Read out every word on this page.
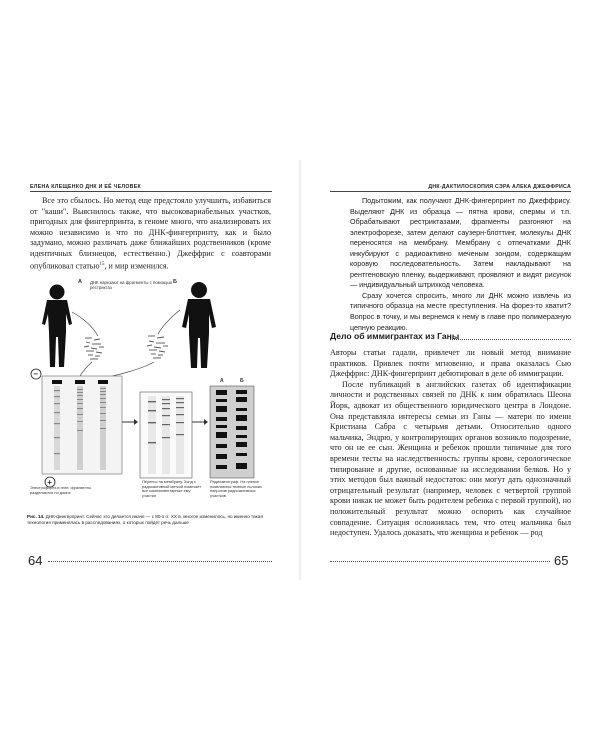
ЕЛЕНА КЛЕЩЕНКО ДНК И ЕЁ ЧЕЛОВЕК
Все это сбылось. Но метод еще предстояло улучшить, избавиться от "каши". Выяснилось также, что высоковариабельных участков, пригодных для фингерпринта, в геноме много, что анализировать их можно независимо и что по ДНК-фингерпринту, как и было задумано, можно различать даже ближайших родственников (кроме идентичных близнецов, естественно.) Джеффрис с соавторами опубликовал статью$^{15}$, и мир изменился.
А	Б
ДНК нарезают на фрагменты с помощью рестриктаз
−
+
А	Б
Электрофорез в геле: фрагменты разделяются по длине
Перенос на мембрану. Зонд с радиоактивной меткой помечает все комплементарные ему участки
Радиоавтограф. На пленке появляются темные полоски напротив радиоактивных участков
Рис. 14. ДНК-фингерпринт. Сейчас это делается иначе — с 80-х гг. XX в. многое изменилось, но именно такая технология применялась в расследованиях, о которых пойдет речь дальше
64
ДНК-ДАКТИЛОСКОПИЯ СЭРА АЛЕКА ДЖЕФФРИСА

Подытожим, как получают ДНК-фингерпринт по Джеффрису. Выделяют ДНК из образца — пятна крови, спермы и т.п. Обрабатывают рестриктазами, фрагменты разгоняют на электрофорезе, затем делают саузерн-блоттинг, молекулы ДНК переносятся на мембрану. Мембрану с отпечатками ДНК инкубируют с радиоактивно меченым зондом, содержащим коровую последовательность. Затем накладывают на рентгеновскую пленку, выдерживают, проявляют и видят рисунок — индивидуальный штрихкод человека.

Сразу хочется спросить, много ли ДНК можно извлечь из типичного образца на месте преступления. На форез-то хватит? Вопрос в точку, и мы вернемся к нему в главе про полимеразную цепную реакцию.

Дело об иммигрантах из Ганы

Авторы статьи гадали, привлечет ли новый метод внимание практиков. Привлек почти мгновенно, и права оказалась Сью Джеффрис: ДНК-фингерпринт дебютировал в деле об иммиграции.

После публикаций в английских газетах об идентификации личности и родственных связей по ДНК к ним обратилась Шеона Йорк, адвокат из общественного юридического центра в Лондоне. Она представляла интересы семьи из Ганы — матери по имени Кристиана Сабра с четырьмя детьми. Относительно одного мальчика, Эндрю, у контролирующих органов возникло подозрение, что он не ее сын. Женщина и ребенок прошли типичные для того времени тесты на наследственность: группы крови, серологическое типирование и другие, основанные на исследовании белков. Но у этих методов был важный недостаток: они могут дать однозначный отрицательный результат (например, человек с четвертой группой крови никак не может быть родителем ребенка с первой группой), но положительный результат можно оспорить как случайное совпадение. Ситуация осложнялась тем, что отец мальчика был недоступен. Удалось доказать, что женщина и ребенок — род

65
